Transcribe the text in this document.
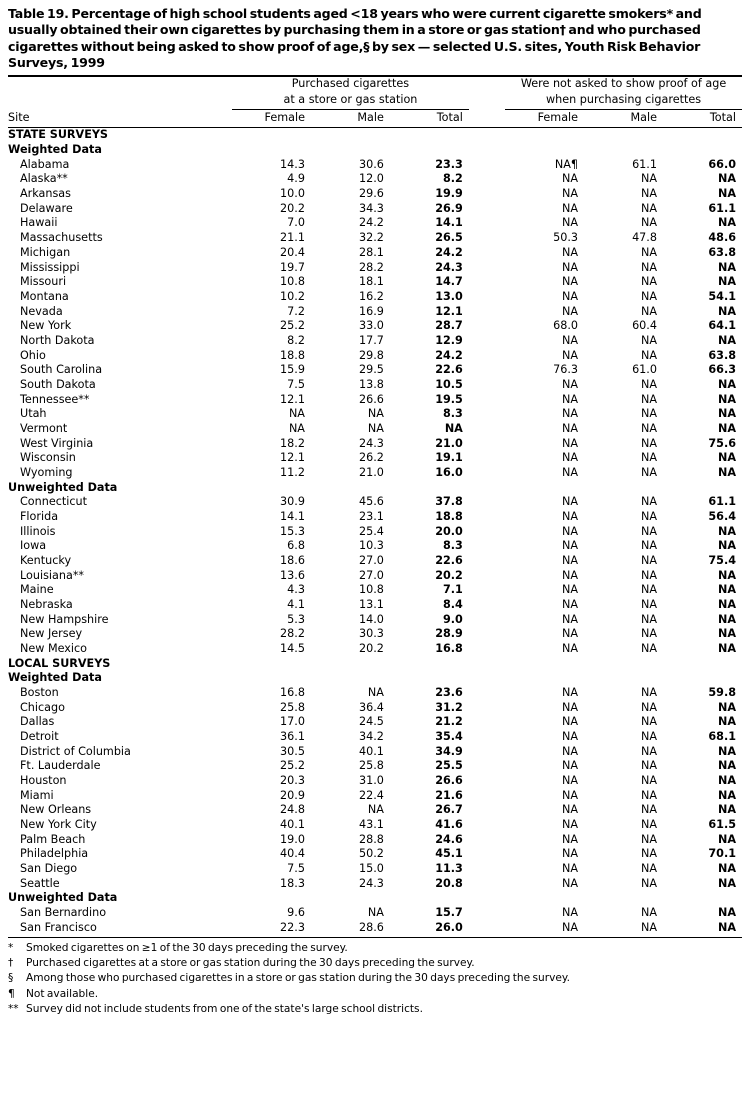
Table 19. Percentage of high school students aged <18 years who were current cigarette smokers* and usually obtained their own cigarettes by purchasing them in a store or gas station† and who purchased cigarettes without being asked to show proof of age,§ by sex — selected U.S. sites, Youth Risk Behavior Surveys, 1999
	Purchased cigarettes				Were not asked to show proof of age		
	at a store or gas station				when purchasing cigarettes		
Site	Female	Male	Total		Female	Male	Total
STATE SURVEYS							
Weighted Data							
Alabama	14.3	30.6	23.3		NA¶	61.1	66.0
Alaska**	4.9	12.0	8.2		NA	NA	NA
Arkansas	10.0	29.6	19.9		NA	NA	NA
Delaware	20.2	34.3	26.9		NA	NA	61.1
Hawaii	7.0	24.2	14.1		NA	NA	NA
Massachusetts	21.1	32.2	26.5		50.3	47.8	48.6
Michigan	20.4	28.1	24.2		NA	NA	63.8
Mississippi	19.7	28.2	24.3		NA	NA	NA
Missouri	10.8	18.1	14.7		NA	NA	NA
Montana	10.2	16.2	13.0		NA	NA	54.1
Nevada	7.2	16.9	12.1		NA	NA	NA
New York	25.2	33.0	28.7		68.0	60.4	64.1
North Dakota	8.2	17.7	12.9		NA	NA	NA
Ohio	18.8	29.8	24.2		NA	NA	63.8
South Carolina	15.9	29.5	22.6		76.3	61.0	66.3
South Dakota	7.5	13.8	10.5		NA	NA	NA
Tennessee**	12.1	26.6	19.5		NA	NA	NA
Utah	NA	NA	8.3		NA	NA	NA
Vermont	NA	NA	NA		NA	NA	NA
West Virginia	18.2	24.3	21.0		NA	NA	75.6
Wisconsin	12.1	26.2	19.1		NA	NA	NA
Wyoming	11.2	21.0	16.0		NA	NA	NA
Unweighted Data							
Connecticut	30.9	45.6	37.8		NA	NA	61.1
Florida	14.1	23.1	18.8		NA	NA	56.4
Illinois	15.3	25.4	20.0		NA	NA	NA
Iowa	6.8	10.3	8.3		NA	NA	NA
Kentucky	18.6	27.0	22.6		NA	NA	75.4
Louisiana**	13.6	27.0	20.2		NA	NA	NA
Maine	4.3	10.8	7.1		NA	NA	NA
Nebraska	4.1	13.1	8.4		NA	NA	NA
New Hampshire	5.3	14.0	9.0		NA	NA	NA
New Jersey	28.2	30.3	28.9		NA	NA	NA
New Mexico	14.5	20.2	16.8		NA	NA	NA
LOCAL SURVEYS							
Weighted Data							
Boston	16.8	NA	23.6		NA	NA	59.8
Chicago	25.8	36.4	31.2		NA	NA	NA
Dallas	17.0	24.5	21.2		NA	NA	NA
Detroit	36.1	34.2	35.4		NA	NA	68.1
District of Columbia	30.5	40.1	34.9		NA	NA	NA
Ft. Lauderdale	25.2	25.8	25.5		NA	NA	NA
Houston	20.3	31.0	26.6		NA	NA	NA
Miami	20.9	22.4	21.6		NA	NA	NA
New Orleans	24.8	NA	26.7		NA	NA	NA
New York City	40.1	43.1	41.6		NA	NA	61.5
Palm Beach	19.0	28.8	24.6		NA	NA	NA
Philadelphia	40.4	50.2	45.1		NA	NA	70.1
San Diego	7.5	15.0	11.3		NA	NA	NA
Seattle	18.3	24.3	20.8		NA	NA	NA
Unweighted Data							
San Bernardino	9.6	NA	15.7		NA	NA	NA
San Francisco	22.3	28.6	26.0		NA	NA	NA
*	Smoked cigarettes on ≥1 of the 30 days preceding the survey.
†	Purchased cigarettes at a store or gas station during the 30 days preceding the survey.
§	Among those who purchased cigarettes in a store or gas station during the 30 days preceding the survey.
¶	Not available.
** Survey did not include students from one of the state's large school districts.
